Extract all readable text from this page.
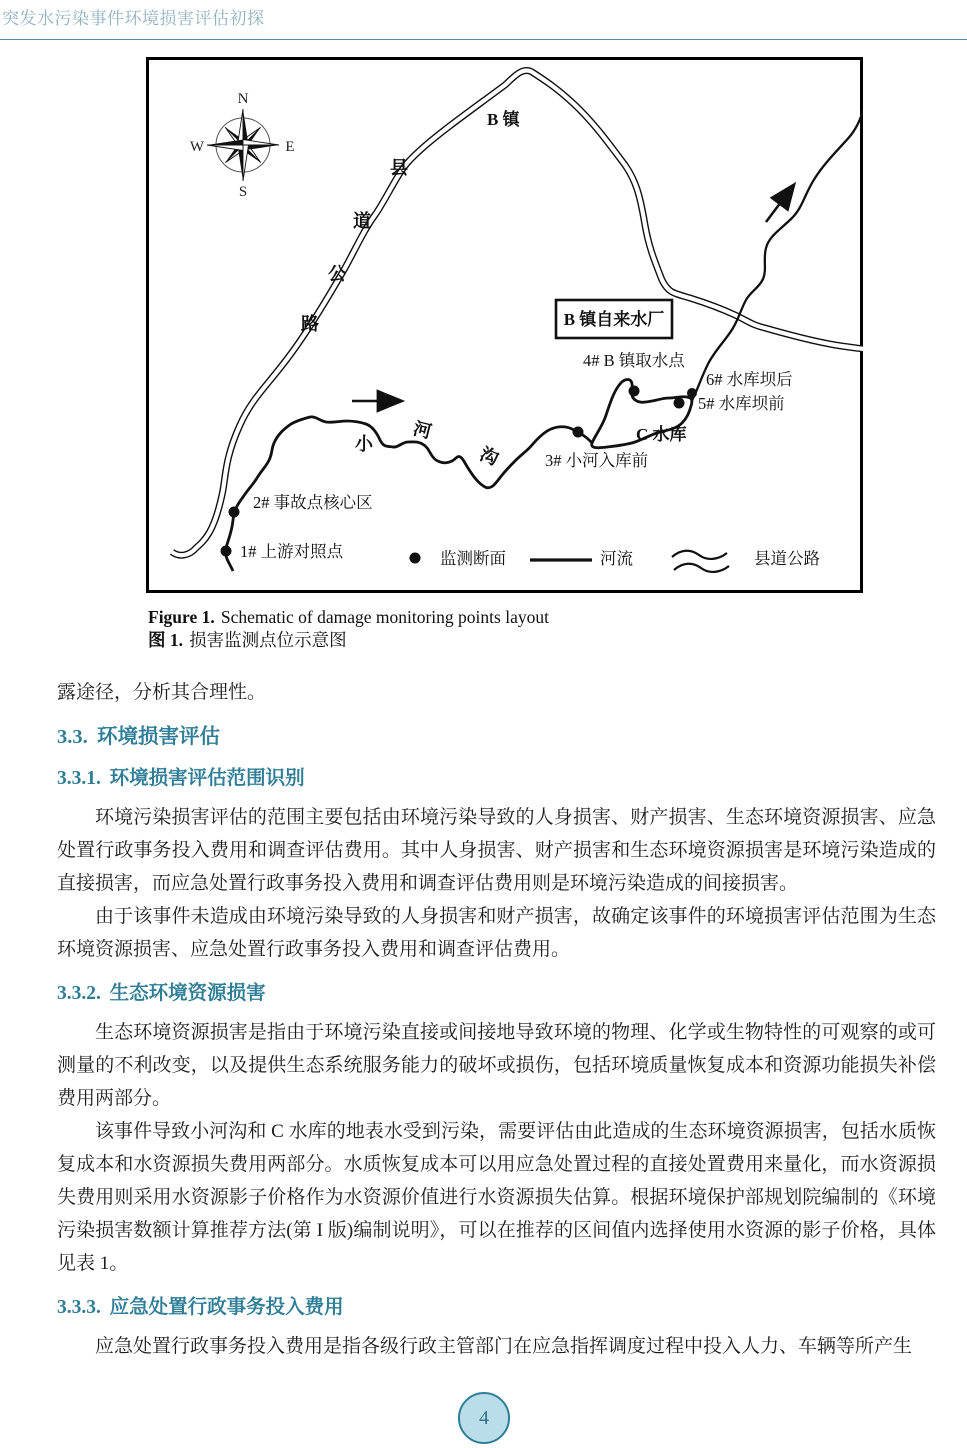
突发水污染事件环境损害评估初探
县
道
公
路
N
E
S
W
B 镇
B 镇自来水厂
小
河
沟
C 水库
1# 上游对照点
2# 事故点核心区
3# 小河入库前
4# B 镇取水点
5# 水库坝前
6# 水库坝后
监测断面	河流	县道公路
Figure 1. Schematic of damage monitoring points layout
图 1. 损害监测点位示意图

露途径，分析其合理性。

3.3. 环境损害评估
3.3.1. 环境损害评估范围识别

环境污染损害评估的范围主要包括由环境污染导致的人身损害、财产损害、生态环境资源损害、应急处置行政事务投入费用和调查评估费用。其中人身损害、财产损害和生态环境资源损害是环境污染造成的直接损害，而应急处置行政事务投入费用和调查评估费用则是环境污染造成的间接损害。

由于该事件未造成由环境污染导致的人身损害和财产损害，故确定该事件的环境损害评估范围为生态环境资源损害、应急处置行政事务投入费用和调查评估费用。

3.3.2. 生态环境资源损害

生态环境资源损害是指由于环境污染直接或间接地导致环境的物理、化学或生物特性的可观察的或可测量的不利改变，以及提供生态系统服务能力的破坏或损伤，包括环境质量恢复成本和资源功能损失补偿费用两部分。

该事件导致小河沟和 C 水库的地表水受到污染，需要评估由此造成的生态环境资源损害，包括水质恢复成本和水资源损失费用两部分。水质恢复成本可以用应急处置过程的直接处置费用来量化，而水资源损失费用则采用水资源影子价格作为水资源价值进行水资源损失估算。根据环境保护部规划院编制的《环境污染损害数额计算推荐方法(第 I 版)编制说明》，可以在推荐的区间值内选择使用水资源的影子价格，具体见表 1。

3.3.3. 应急处置行政事务投入费用

应急处置行政事务投入费用是指各级行政主管部门在应急指挥调度过程中投入人力、车辆等所产生

4
